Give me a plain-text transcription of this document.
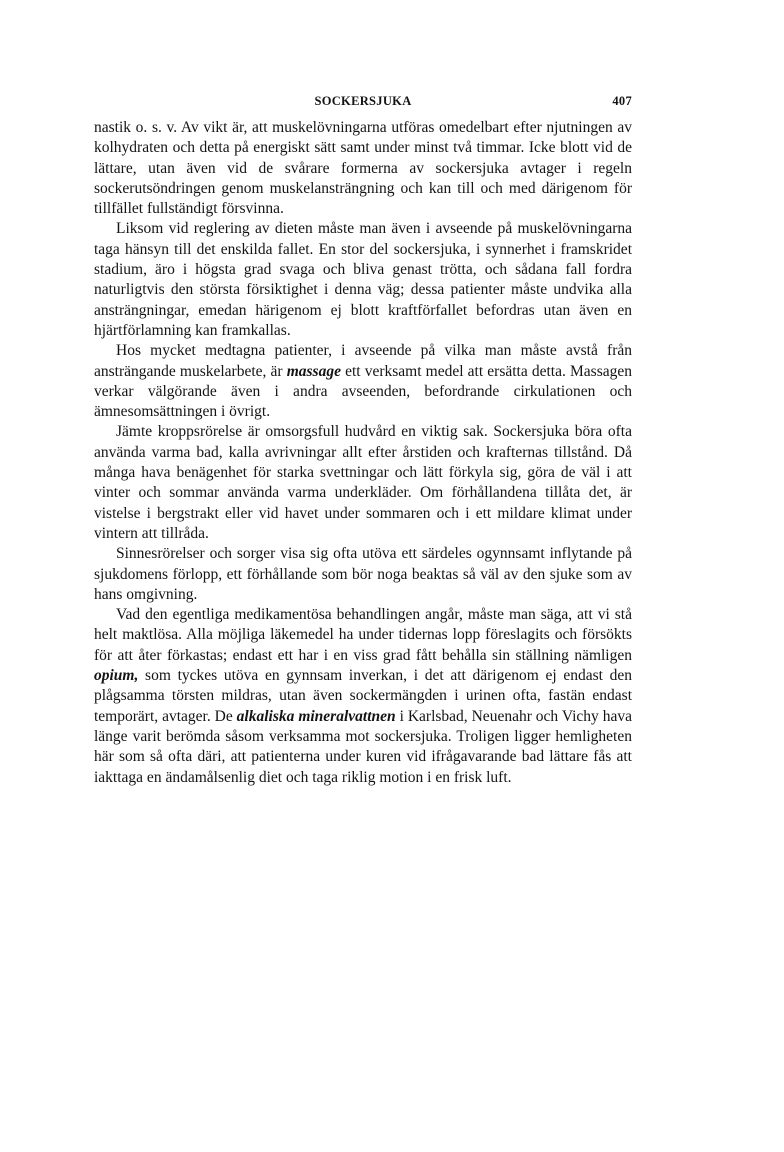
SOCKERSJUKA	407

nastik o. s. v. Av vikt är, att muskelövningarna utföras omedelbart efter njutningen av kolhydraten och detta på energiskt sätt samt under minst två timmar. Icke blott vid de lättare, utan även vid de svårare formerna av sockersjuka avtager i regeln sockerutsöndringen genom muskelansträngning och kan till och med därigenom för tillfället fullständigt försvinna.

Liksom vid reglering av dieten måste man även i avseende på muskelövningarna taga hänsyn till det enskilda fallet. En stor del sockersjuka, i synnerhet i framskridet stadium, äro i högsta grad svaga och bliva genast trötta, och sådana fall fordra naturligtvis den största försiktighet i denna väg; dessa patienter måste undvika alla ansträngningar, emedan härigenom ej blott kraftförfallet befordras utan även en hjärtförlamning kan framkallas.

Hos mycket medtagna patienter, i avseende på vilka man måste avstå från ansträngande muskelarbete, är massage ett verksamt medel att ersätta detta. Massagen verkar välgörande även i andra avseenden, befordrande cirkulationen och ämnesomsättningen i övrigt.

Jämte kroppsrörelse är omsorgsfull hudvård en viktig sak. Sockersjuka böra ofta använda varma bad, kalla avrivningar allt efter årstiden och krafternas tillstånd. Då många hava benägenhet för starka svettningar och lätt förkyla sig, göra de väl i att vinter och sommar använda varma underkläder. Om förhållandena tillåta det, är vistelse i bergstrakt eller vid havet under sommaren och i ett mildare klimat under vintern att tillråda.

Sinnesrörelser och sorger visa sig ofta utöva ett särdeles ogynnsamt inflytande på sjukdomens förlopp, ett förhållande som bör noga beaktas så väl av den sjuke som av hans omgivning.

Vad den egentliga medikamentösa behandlingen angår, måste man säga, att vi stå helt maktlösa. Alla möjliga läkemedel ha under tidernas lopp föreslagits och försökts för att åter förkastas; endast ett har i en viss grad fått behålla sin ställning nämligen opium, som tyckes utöva en gynnsam inverkan, i det att därigenom ej endast den plågsamma törsten mildras, utan även sockermängden i urinen ofta, fastän endast temporärt, avtager. De alkaliska mineralvattnen i Karlsbad, Neuenahr och Vichy hava länge varit berömda såsom verksamma mot sockersjuka. Troligen ligger hemligheten här som så ofta däri, att patienterna under kuren vid ifrågavarande bad lättare fås att iakttaga en ändamålsenlig diet och taga riklig motion i en frisk luft.
